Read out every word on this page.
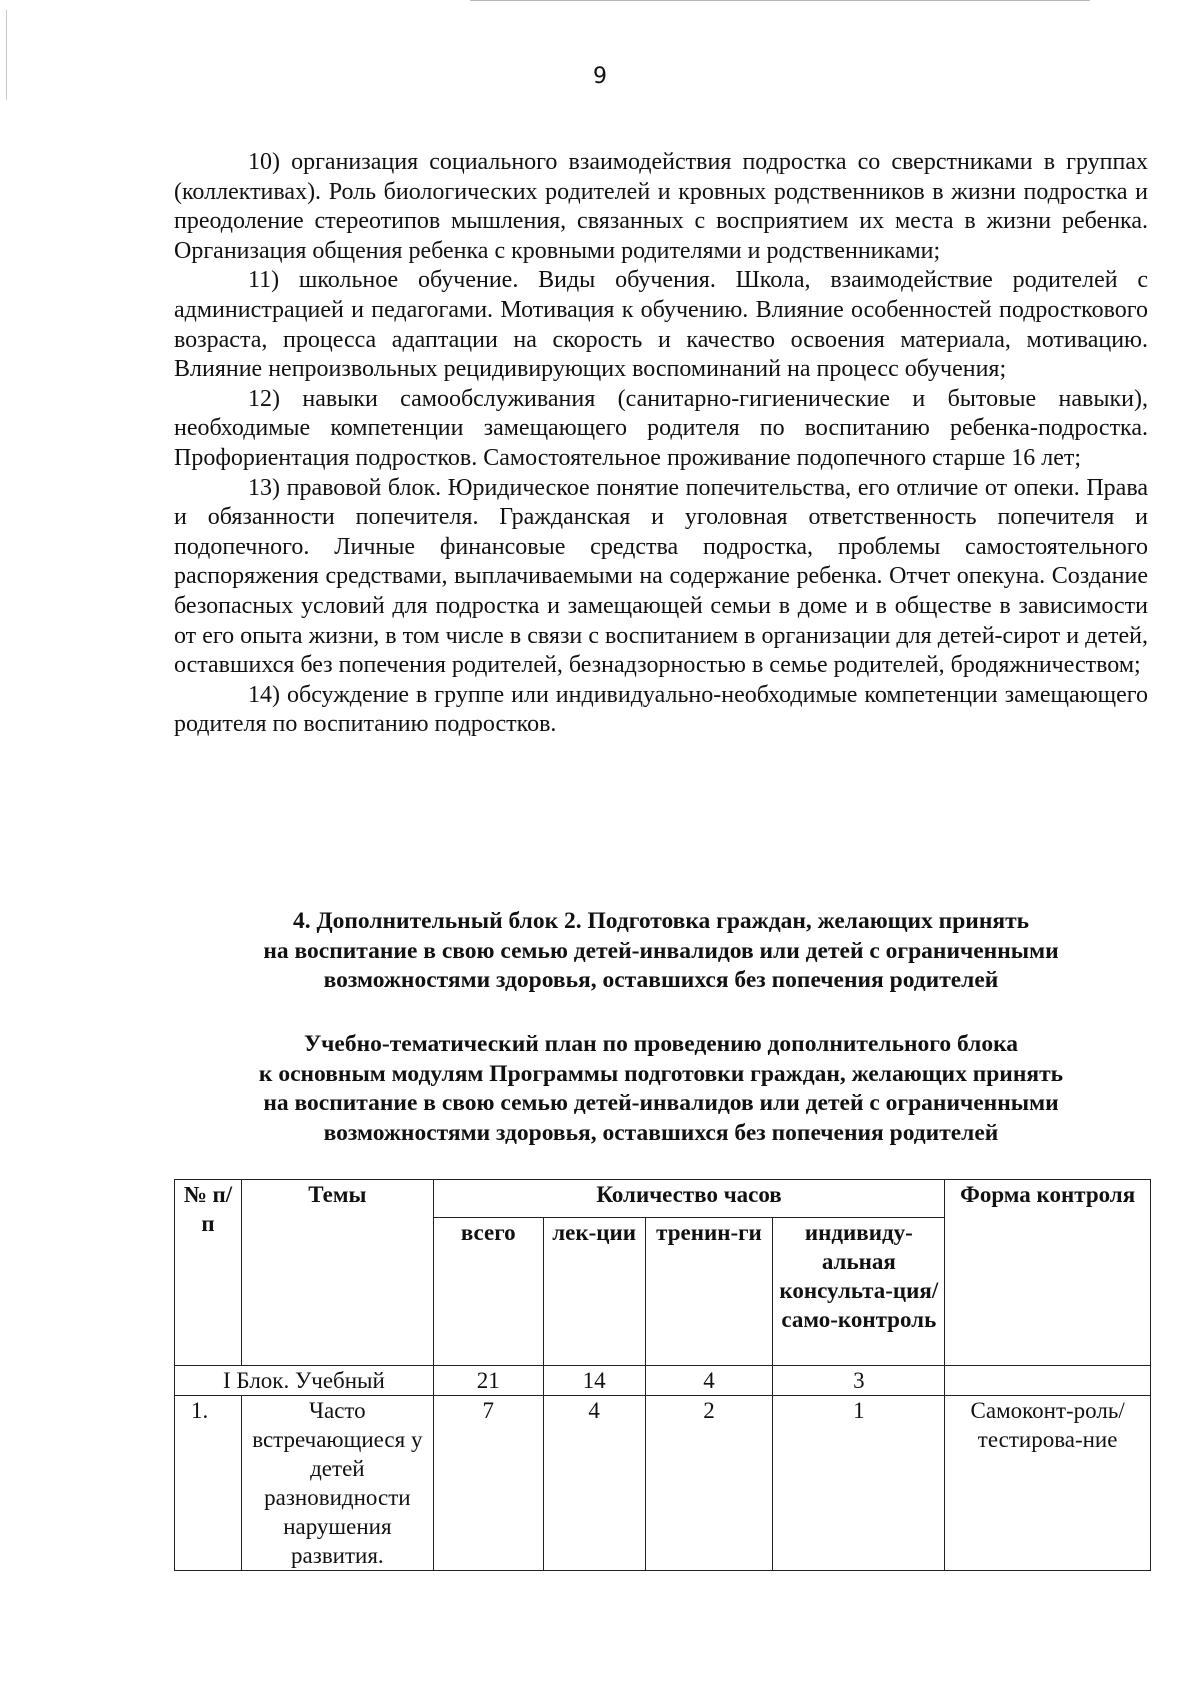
9

10) организация социального взаимодействия подростка со сверстниками в группах (коллективах). Роль биологических родителей и кровных родственников в жизни подростка и преодоление стереотипов мышления, связанных с восприятием их места в жизни ребенка. Организация общения ребенка с кровными родителями и родственниками;

11) школьное обучение. Виды обучения. Школа, взаимодействие родителей с администрацией и педагогами. Мотивация к обучению. Влияние особенностей подросткового возраста, процесса адаптации на скорость и качество освоения материала, мотивацию. Влияние непроизвольных рецидивирующих воспоминаний на процесс обучения;

12) навыки самообслуживания (санитарно-гигиенические и бытовые навыки), необходимые компетенции замещающего родителя по воспитанию ребенка-подростка. Профориентация подростков. Самостоятельное проживание подопечного старше 16 лет;

13) правовой блок. Юридическое понятие попечительства, его отличие от опеки. Права и обязанности попечителя. Гражданская и уголовная ответственность попечителя и подопечного. Личные финансовые средства подростка, проблемы самостоятельного распоряжения средствами, выплачиваемыми на содержание ребенка. Отчет опекуна. Создание безопасных условий для подростка и замещающей семьи в доме и в обществе в зависимости от его опыта жизни, в том числе в связи с воспитанием в организации для детей-сирот и детей, оставшихся без попечения родителей, безнадзорностью в семье родителей, бродяжничеством;

14) обсуждение в группе или индивидуально-необходимые компетенции замещающего родителя по воспитанию подростков.

4. Дополнительный блок 2. Подготовка граждан, желающих принять
на воспитание в свою семью детей-инвалидов или детей с ограниченными
возможностями здоровья, оставшихся без попечения родителей
Учебно-тематический план по проведению дополнительного блока
к основным модулям Программы подготовки граждан, желающих принять
на воспитание в свою семью детей-инвалидов или детей с ограниченными
возможностями здоровья, оставшихся без попечения родителей
№ п/п	Темы	Количество часов				Форма контроля
		всего	лек-ции	тренин-ги	индивиду-альная консульта-ция/само-контроль	
I Блок. Учебный		21	14	4	3	
1.	Часто встречающиеся у детей разновидности нарушения развития.	7	4	2	1	Самоконт-роль/ тестирова-ние
